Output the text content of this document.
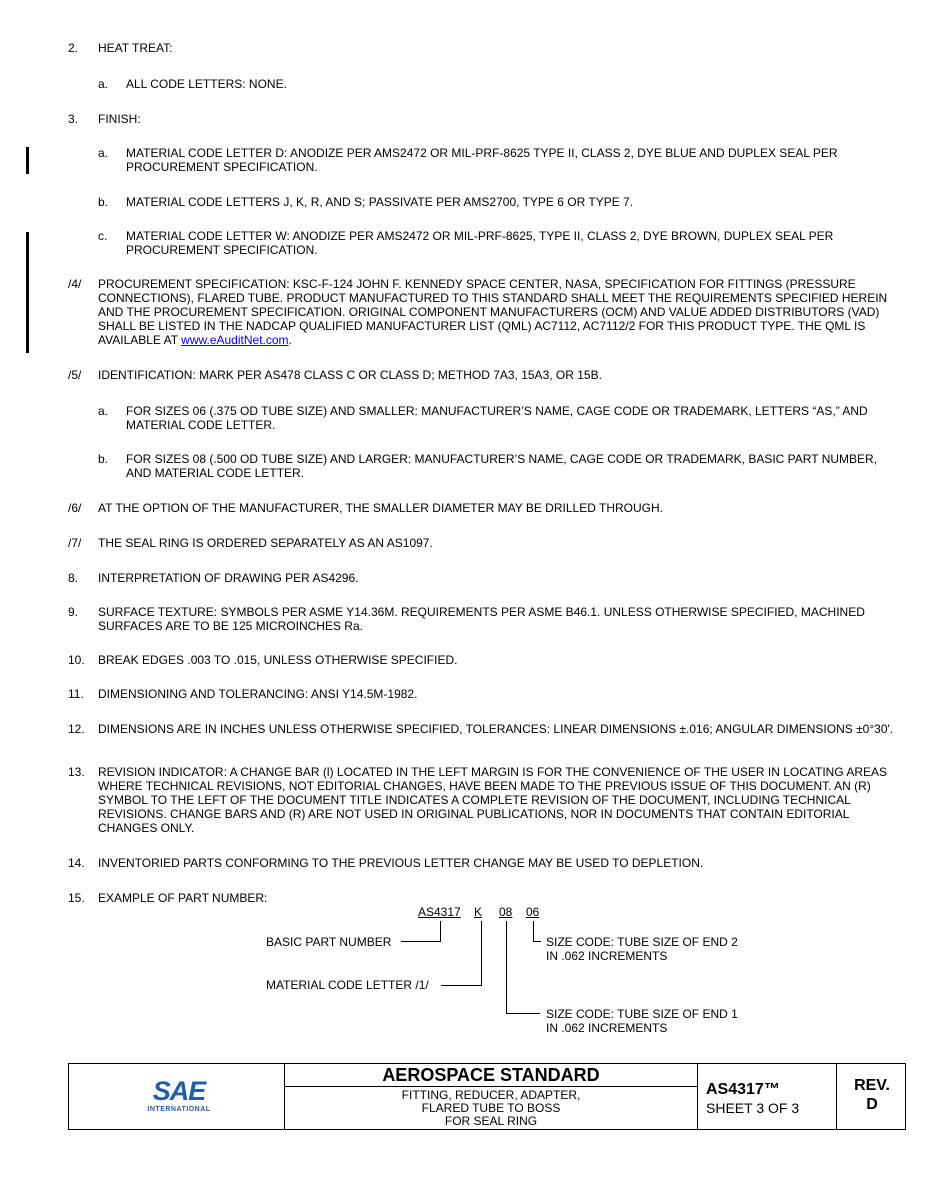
2. HEAT TREAT:
a. ALL CODE LETTERS: NONE.
3. FINISH:
a. MATERIAL CODE LETTER D: ANODIZE PER AMS2472 OR MIL-PRF-8625 TYPE II, CLASS 2, DYE BLUE AND DUPLEX SEAL PER PROCUREMENT SPECIFICATION.
b. MATERIAL CODE LETTERS J, K, R, AND S; PASSIVATE PER AMS2700, TYPE 6 OR TYPE 7.
c. MATERIAL CODE LETTER W: ANODIZE PER AMS2472 OR MIL-PRF-8625, TYPE II, CLASS 2, DYE BROWN, DUPLEX SEAL PER PROCUREMENT SPECIFICATION.
/4/ PROCUREMENT SPECIFICATION: KSC-F-124 JOHN F. KENNEDY SPACE CENTER, NASA, SPECIFICATION FOR FITTINGS (PRESSURE CONNECTIONS), FLARED TUBE. PRODUCT MANUFACTURED TO THIS STANDARD SHALL MEET THE REQUIREMENTS SPECIFIED HEREIN AND THE PROCUREMENT SPECIFICATION. ORIGINAL COMPONENT MANUFACTURERS (OCM) AND VALUE ADDED DISTRIBUTORS (VAD) SHALL BE LISTED IN THE NADCAP QUALIFIED MANUFACTURER LIST (QML) AC7112, AC7112/2 FOR THIS PRODUCT TYPE. THE QML IS AVAILABLE AT www.eAuditNet.com.
/5/ IDENTIFICATION: MARK PER AS478 CLASS C OR CLASS D; METHOD 7A3, 15A3, OR 15B.
a. FOR SIZES 06 (.375 OD TUBE SIZE) AND SMALLER: MANUFACTURER’S NAME, CAGE CODE OR TRADEMARK, LETTERS “AS,” AND MATERIAL CODE LETTER.
b. FOR SIZES 08 (.500 OD TUBE SIZE) AND LARGER: MANUFACTURER’S NAME, CAGE CODE OR TRADEMARK, BASIC PART NUMBER, AND MATERIAL CODE LETTER.
/6/ AT THE OPTION OF THE MANUFACTURER, THE SMALLER DIAMETER MAY BE DRILLED THROUGH.
/7/ THE SEAL RING IS ORDERED SEPARATELY AS AN AS1097.
8. INTERPRETATION OF DRAWING PER AS4296.
9. SURFACE TEXTURE: SYMBOLS PER ASME Y14.36M. REQUIREMENTS PER ASME B46.1. UNLESS OTHERWISE SPECIFIED, MACHINED SURFACES ARE TO BE 125 MICROINCHES Ra.
10. BREAK EDGES .003 TO .015, UNLESS OTHERWISE SPECIFIED.
11. DIMENSIONING AND TOLERANCING: ANSI Y14.5M-1982.
12. DIMENSIONS ARE IN INCHES UNLESS OTHERWISE SPECIFIED, TOLERANCES: LINEAR DIMENSIONS ±.016; ANGULAR DIMENSIONS ±0°30'.
13. REVISION INDICATOR: A CHANGE BAR (l) LOCATED IN THE LEFT MARGIN IS FOR THE CONVENIENCE OF THE USER IN LOCATING AREAS WHERE TECHNICAL REVISIONS, NOT EDITORIAL CHANGES, HAVE BEEN MADE TO THE PREVIOUS ISSUE OF THIS DOCUMENT. AN (R) SYMBOL TO THE LEFT OF THE DOCUMENT TITLE INDICATES A COMPLETE REVISION OF THE DOCUMENT, INCLUDING TECHNICAL REVISIONS. CHANGE BARS AND (R) ARE NOT USED IN ORIGINAL PUBLICATIONS, NOR IN DOCUMENTS THAT CONTAIN EDITORIAL CHANGES ONLY.
14. INVENTORIED PARTS CONFORMING TO THE PREVIOUS LETTER CHANGE MAY BE USED TO DEPLETION.
15. EXAMPLE OF PART NUMBER:
AS4317 K 08 06
BASIC PART NUMBER
MATERIAL CODE LETTER /1/
SIZE CODE: TUBE SIZE OF END 2
IN .062 INCREMENTS
SIZE CODE: TUBE SIZE OF END 1
IN .062 INCREMENTS
SAE
INTERNATIONAL
AEROSPACE STANDARD
FITTING, REDUCER, ADAPTER,
FLARED TUBE TO BOSS
FOR SEAL RING
AS4317™
SHEET 3 OF 3
REV.
D
